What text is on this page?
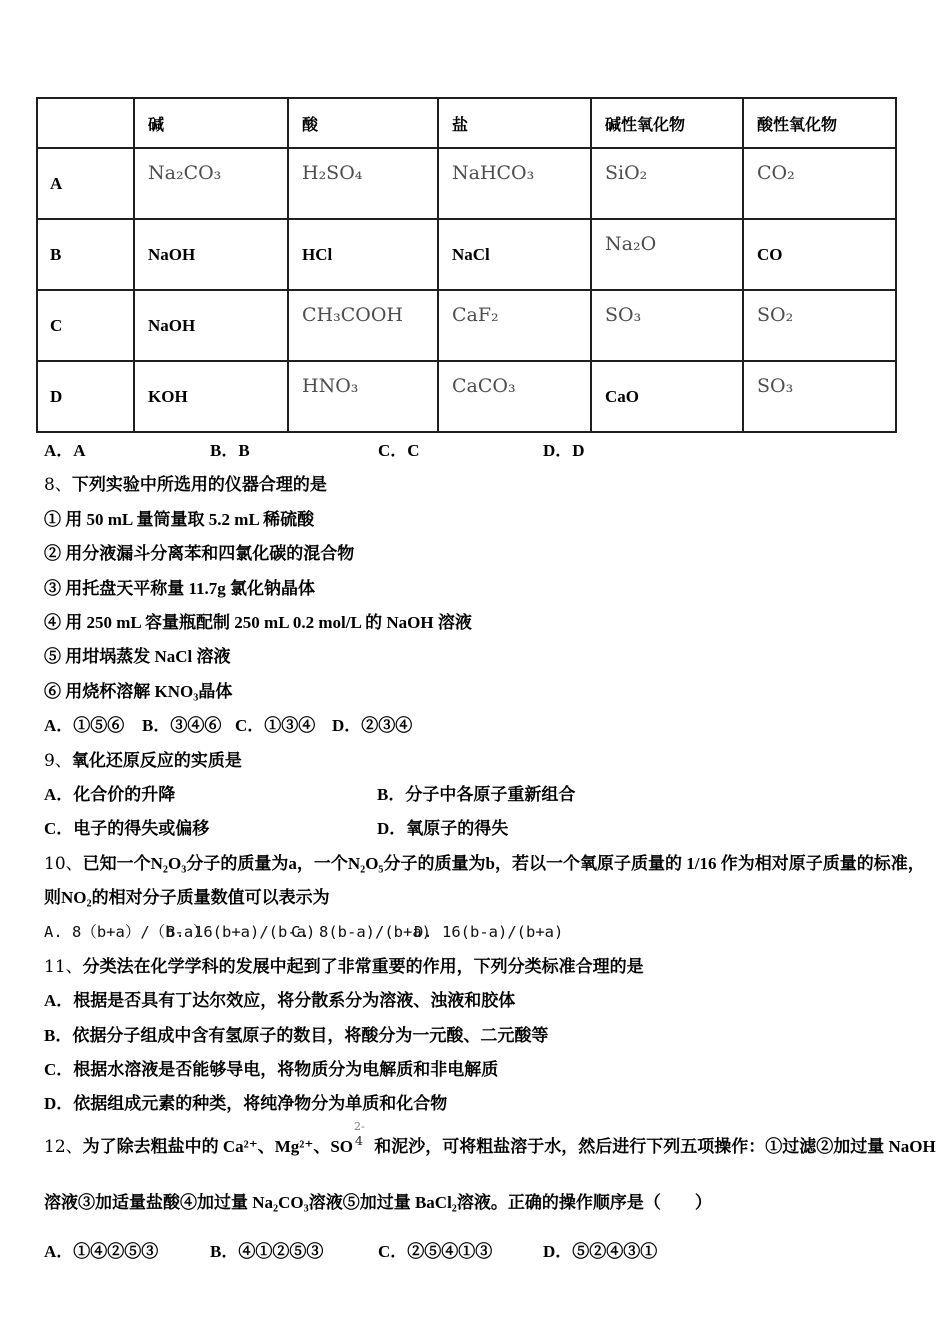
	碱	酸	盐	碱性氧化物	酸性氧化物
A	Na₂CO₃	H₂SO₄	NaHCO₃	SiO₂	CO₂
B	NaOH	HCl	NaCl	Na₂O	CO
C	NaOH	CH₃COOH	CaF₂	SO₃	SO₂
D	KOH	HNO₃	CaCO₃	CaO	SO₃
A．A	B．B	C．C	D．D
8、下列实验中所选用的仪器合理的是
① 用 50 mL 量筒量取 5.2 mL 稀硫酸
② 用分液漏斗分离苯和四氯化碳的混合物
③ 用托盘天平称量 11.7g 氯化钠晶体
④ 用 250 mL 容量瓶配制 250 mL 0.2 mol/L 的 NaOH 溶液
⑤ 用坩埚蒸发 NaCl 溶液
⑥ 用烧杯溶解 KNO₃晶体
A．①⑤⑥	B．③④⑥ C．①③④ D．②③④
9、氧化还原反应的实质是
A．化合价的升降	B．分子中各原子重新组合
C．电子的得失或偏移	D．氧原子的得失
10、已知一个N₂O₃分子的质量为a，一个N₂O₅分子的质量为b，若以一个氧原子质量的 1/16 作为相对原子质量的标准，
则NO₂的相对分子质量数值可以表示为
A. 8（b+a）/（b-a）
B. 16(b+a)/(b-a)
C. 8(b-a)/(b+a)
D. 16(b-a)/(b+a)
11、分类法在化学学科的发展中起到了非常重要的作用，下列分类标准合理的是
A．根据是否具有丁达尔效应，将分散系分为溶液、浊液和胶体
B．依据分子组成中含有氢原子的数目，将酸分为一元酸、二元酸等
C．根据水溶液是否能够导电，将物质分为电解质和非电解质
D．依据组成元素的种类，将纯净物分为单质和化合物
12、为了除去粗盐中的 Ca²⁺、Mg²⁺、SO
2-
4 和泥沙，可将粗盐溶于水，然后进行下列五项操作：①过滤②加过量 NaOH
溶液③加适量盐酸④加过量 Na₂CO₃溶液⑤加过量 BaCl₂溶液。正确的操作顺序是（　　）
A．①④②⑤③	B．④①②⑤③	C．②⑤④①③	D．⑤②④③①
